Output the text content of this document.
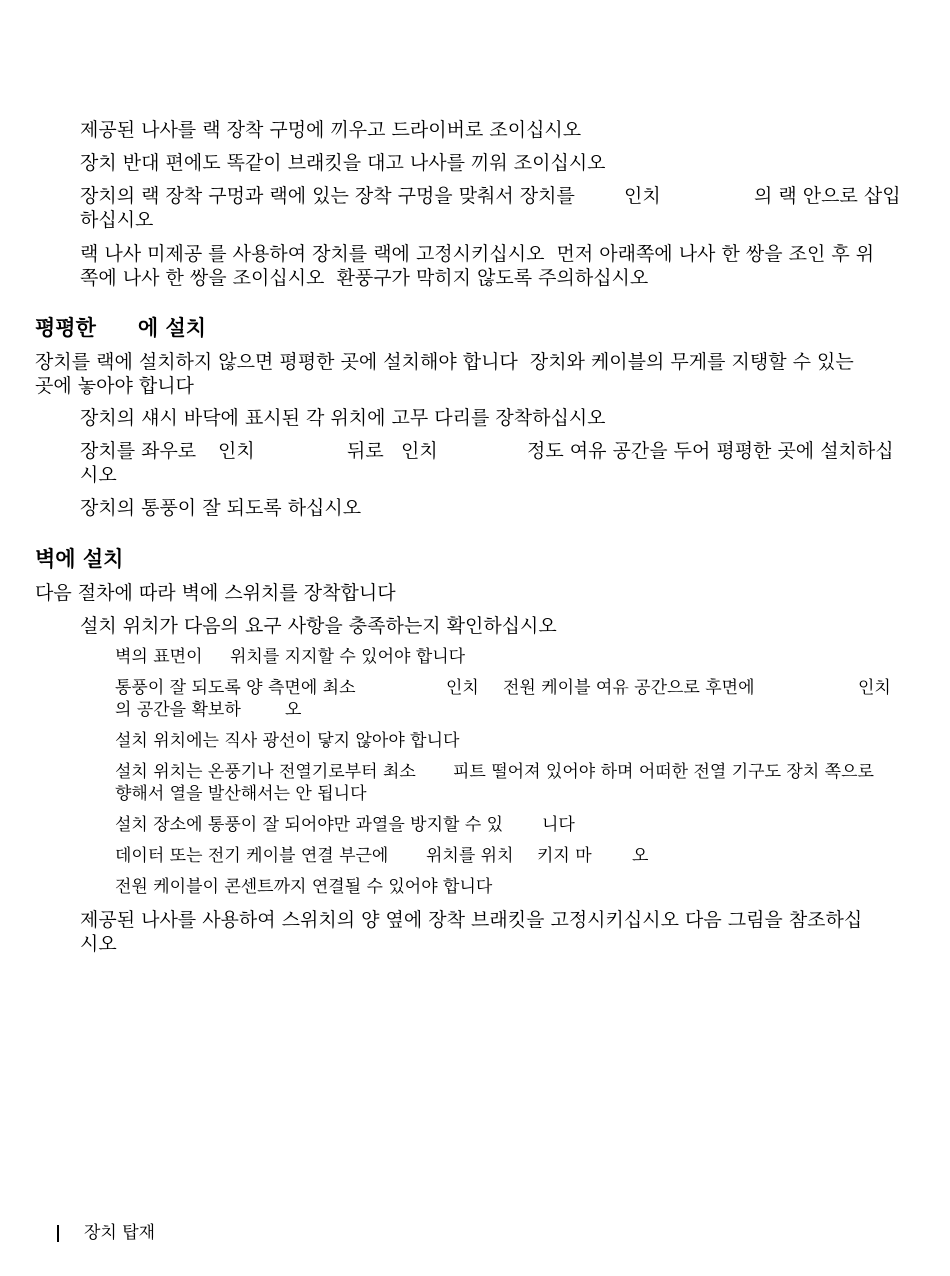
제공된 나사를 랙 장착 구멍에 끼우고 드라이버로 조이십시오
장치 반대 편에도 똑같이 브래킷을 대고 나사를 끼워 조이십시오

장치의 랙 장착 구멍과 랙에 있는 장착 구멍을 맞춰서 장치를

	인치

	의 랙 안으로 삽입

하십시오

랙 나사 미제공 를 사용하여 장치를 랙에 고정시키십시오  먼저 아래쪽에 나사 한 쌍을 조인 후 위
쪽에 나사 한 쌍을 조이십시오  환풍구가 막히지 않도록 주의하십시오
평평한 에 설치
장치를 랙에 설치하지 않으면 평평한 곳에 설치해야 합니다  장치와 케이블의 무게를 지탱할 수 있는
곳에 놓아야 합니다
장치의 섀시 바닥에 표시된 각 위치에 고무 다리를 장착하십시오

장치를 좌우로

인치

	뒤로

인치

	정도 여유 공간을 두어 평평한 곳에 설치하십

시오

장치의 통풍이 잘 되도록 하십시오
벽에 설치
다음 절차에 따라 벽에 스위치를 장착합니다
설치 위치가 다음의 요구 사항을 충족하는지 확인하십시오

벽의 표면이

위치를 지지할 수 있어야 합니다

통풍이 잘 되도록 양 측면에 최소

	인치

전원 케이블 여유 공간으로 후면에

	인치

의 공간을 확보하

	오

설치 위치에는 직사 광선이 닿지 않아야 합니다

설치 위치는 온풍기나 전열기로부터 최소

피트 떨어져 있어야 하며 어떠한 전열 기구도 장치 쪽으로

향해서 열을 발산해서는 안 됩니다

설치 장소에 통풍이 잘 되어야만 과열을 방지할 수 있

니다

데이터 또는 전기 케이블 연결 부근에

위치를 위치

키지 마

오

전원 케이블이 콘센트까지 연결될 수 있어야 합니다
제공된 나사를 사용하여 스위치의 양 옆에 장착 브래킷을 고정시키십시오 다음 그림을 참조하십
시오
장치 탑재
